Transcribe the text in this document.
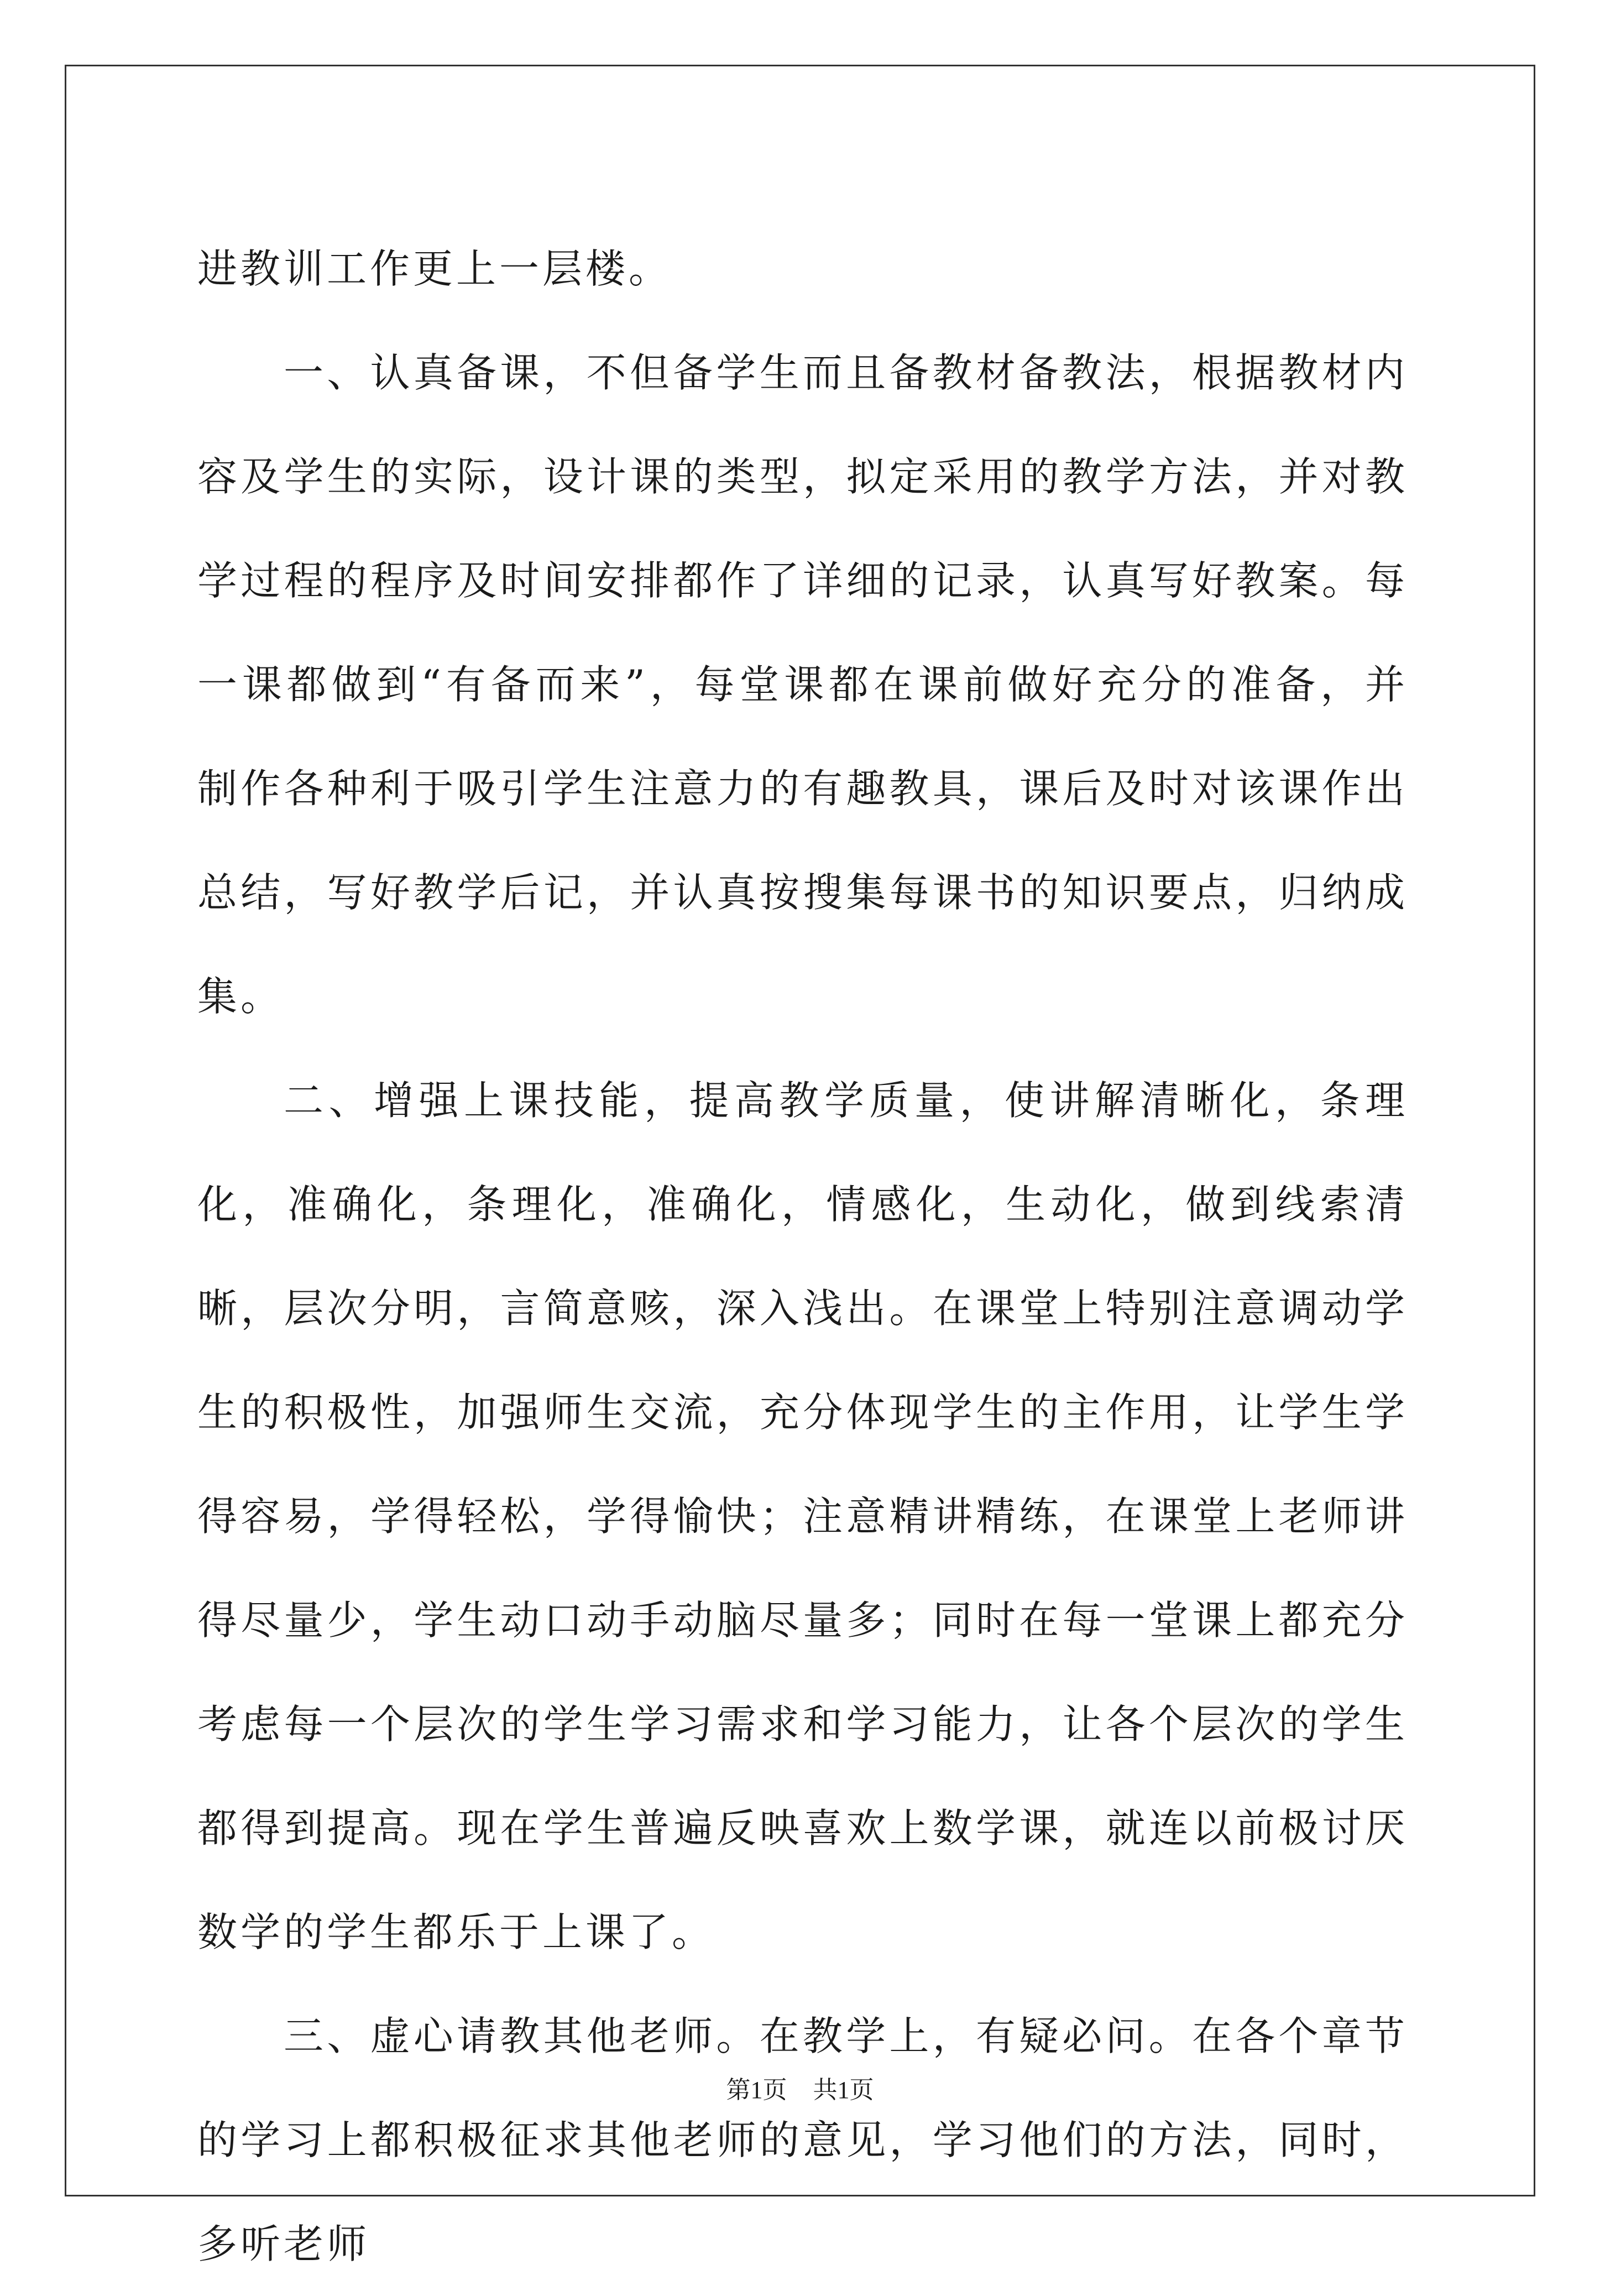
进教训工作更上一层楼。

一、认真备课，不但备学生而且备教材备教法，根据教材内容及学生的实际，设计课的类型，拟定采用的教学方法，并对教学过程的程序及时间安排都作了详细的记录，认真写好教案。每一课都做到“有备而来”，每堂课都在课前做好充分的准备，并制作各种利于吸引学生注意力的有趣教具，课后及时对该课作出总结，写好教学后记，并认真按搜集每课书的知识要点，归纳成集。

二、增强上课技能，提高教学质量，使讲解清晰化，条理化，准确化，条理化，准确化，情感化，生动化，做到线索清晰，层次分明，言简意赅，深入浅出。在课堂上特别注意调动学生的积极性，加强师生交流，充分体现学生的主作用，让学生学得容易，学得轻松，学得愉快；注意精讲精练，在课堂上老师讲得尽量少，学生动口动手动脑尽量多；同时在每一堂课上都充分考虑每一个层次的学生学习需求和学习能力，让各个层次的学生都得到提高。现在学生普遍反映喜欢上数学课，就连以前极讨厌数学的学生都乐于上课了。

三、虚心请教其他老师。在教学上，有疑必问。在各个章节的学习上都积极征求其他老师的意见，学习他们的方法，同时，多听老师

第1页 共1页
